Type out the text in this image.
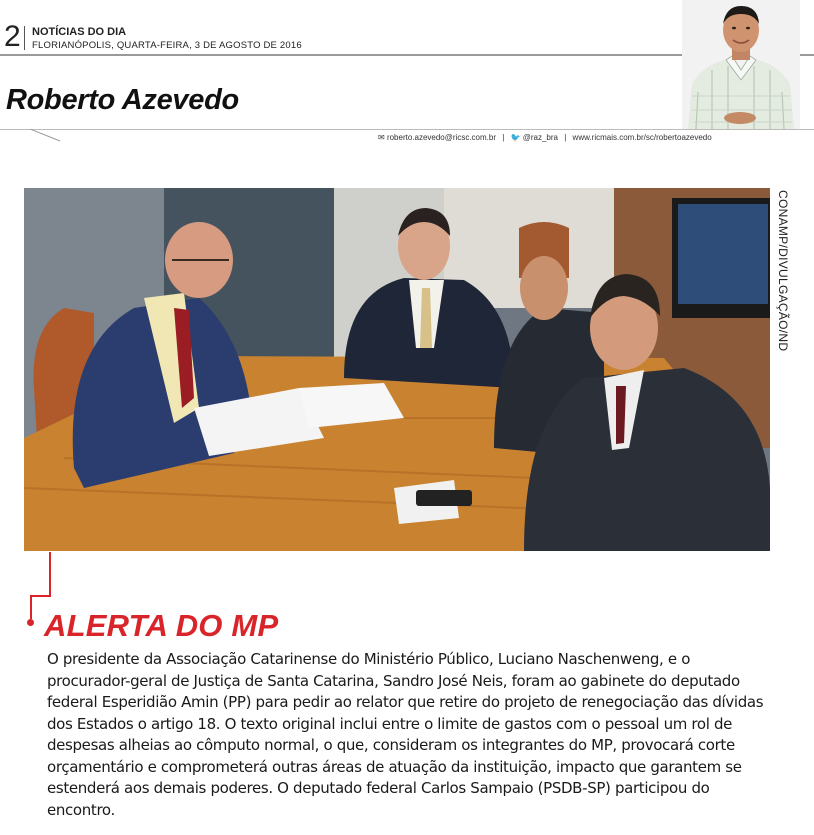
2 NOTÍCIAS DO DIA
FLORIANÓPOLIS, QUARTA-FEIRA, 3 DE AGOSTO DE 2016
Roberto Azevedo
✉ roberto.azevedo@ricsc.com.br | 🐦 @raz_bra | www.ricmais.com.br/sc/robertoazevedo
CONAMP/DIVULGAÇÃO/ND
ALERTA DO MP
O presidente da Associação Catarinense do Ministério Público, Luciano Naschenweng, e o
procurador-geral de Justiça de Santa Catarina, Sandro José Neis, foram ao gabinete do deputado
federal Esperidião Amin (PP) para pedir ao relator que retire do projeto de renegociação das dívidas
dos Estados o artigo 18. O texto original inclui entre o limite de gastos com o pessoal um rol de
despesas alheias ao cômputo normal, o que, consideram os integrantes do MP, provocará corte
orçamentário e comprometerá outras áreas de atuação da instituição, impacto que garantem se
estenderá aos demais poderes. O deputado federal Carlos Sampaio (PSDB-SP) participou do encontro.
